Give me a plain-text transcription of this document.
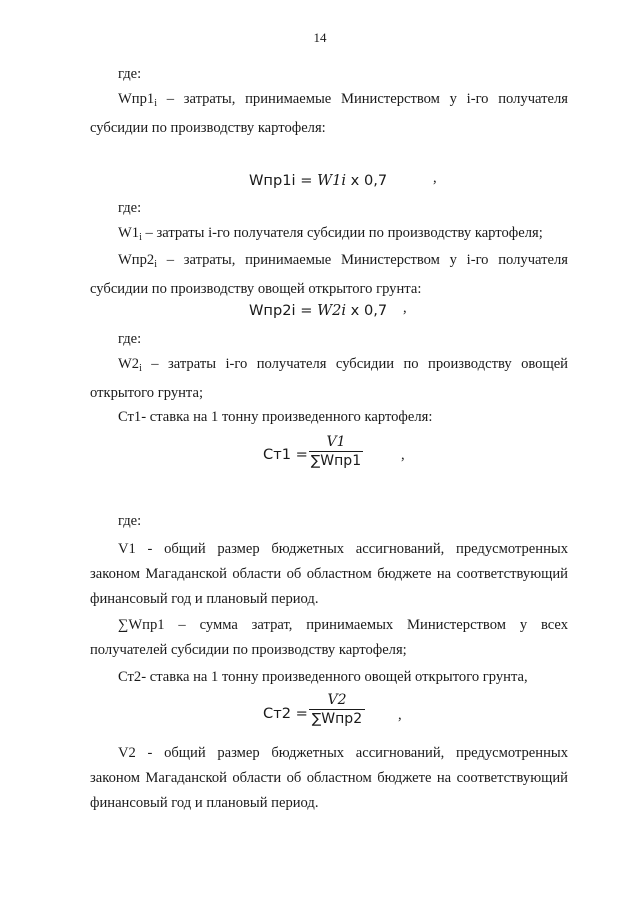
14

где:

$Wпр1_i$ – затраты, принимаемые Министерством у i-го получателя субсидии по производству картофеля:

Wпр1i = W1i x 0,7	,

где:

$W1_i$ – затраты i-го получателя субсидии по производству картофеля;

$Wпр2_i$ – затраты, принимаемые Министерством у i-го получателя субсидии по производству овощей открытого грунта:

Wпр2i = W2i x 0,7 ,

где:

$W2_i$ – затраты i-го получателя субсидии по производству овощей открытого грунта;

Ст1- ставка на 1 тонну произведенного картофеля:

Ст1 =
V1
∑Wпр1	,

где:

V1 - общий размер бюджетных ассигнований, предусмотренных законом Магаданской области об областном бюджете на соответствующий финансовый год и плановый период.

∑Wпр1 – сумма затрат, принимаемых Министерством у всех получателей субсидии по производству картофеля;

Ст2- ставка на 1 тонну произведенного овощей открытого грунта,

Ст2 =
V2
∑Wпр2 ,

V2 - общий размер бюджетных ассигнований, предусмотренных законом Магаданской области об областном бюджете на соответствующий финансовый год и плановый период.
